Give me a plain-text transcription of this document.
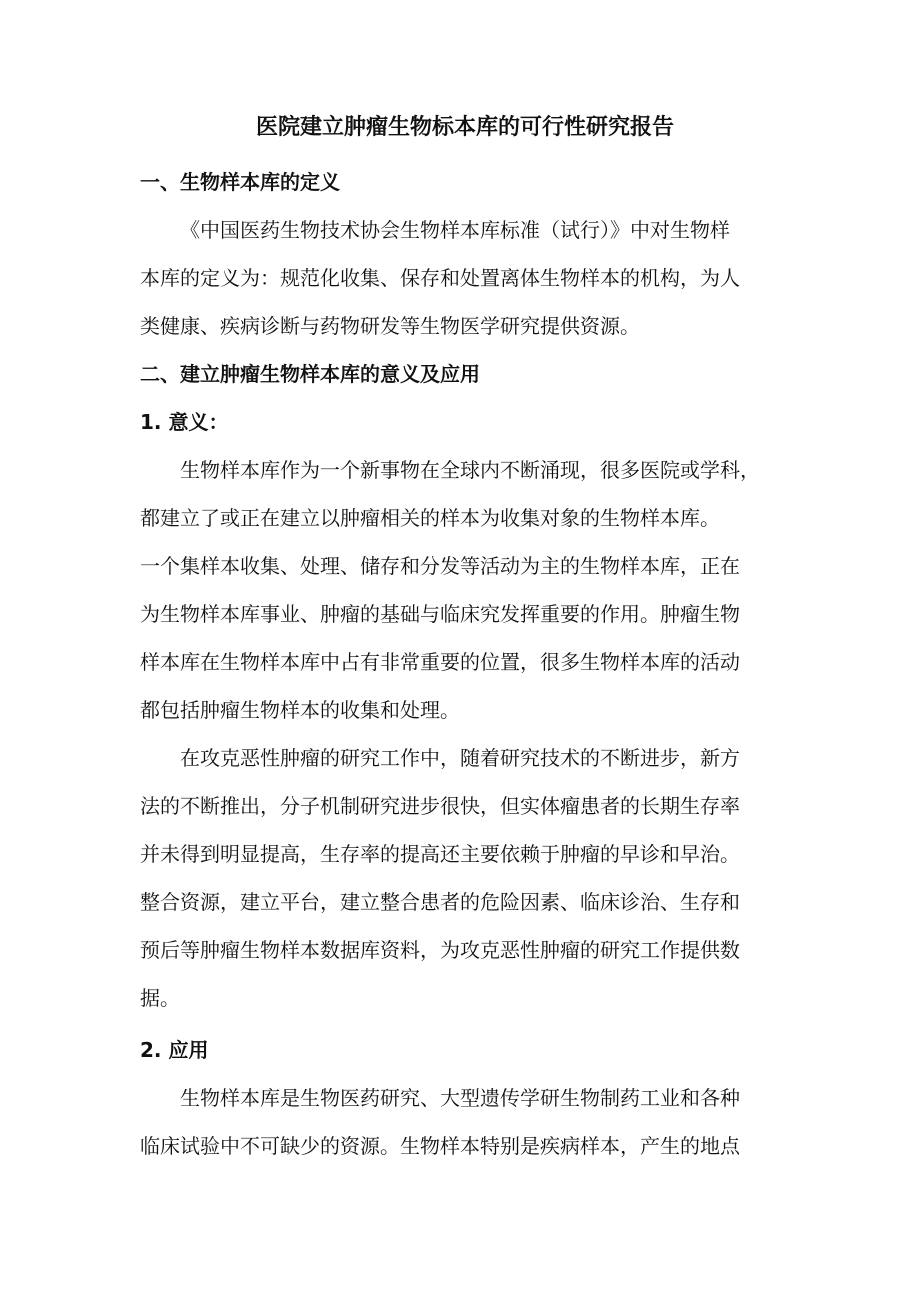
医院建立肿瘤生物标本库的可行性研究报告
一、生物样本库的定义
《中国医药生物技术协会生物样本库标准（试行）》中对生物样
本库的定义为：规范化收集、保存和处置离体生物样本的机构，为人
类健康、疾病诊断与药物研发等生物医学研究提供资源。
二、建立肿瘤生物样本库的意义及应用
1. 意义：
生物样本库作为一个新事物在全球内不断涌现，很多医院或学科，
都建立了或正在建立以肿瘤相关的样本为收集对象的生物样本库。
一个集样本收集、处理、储存和分发等活动为主的生物样本库，正在
为生物样本库事业、肿瘤的基础与临床究发挥重要的作用。肿瘤生物
样本库在生物样本库中占有非常重要的位置，很多生物样本库的活动
都包括肿瘤生物样本的收集和处理。
在攻克恶性肿瘤的研究工作中，随着研究技术的不断进步，新方
法的不断推出，分子机制研究进步很快，但实体瘤患者的长期生存率
并未得到明显提高，生存率的提高还主要依赖于肿瘤的早诊和早治。
整合资源，建立平台，建立整合患者的危险因素、临床诊治、生存和
预后等肿瘤生物样本数据库资料，为攻克恶性肿瘤的研究工作提供数
据。
2. 应用
生物样本库是生物医药研究、大型遗传学研生物制药工业和各种
临床试验中不可缺少的资源。生物样本特别是疾病样本，产生的地点
